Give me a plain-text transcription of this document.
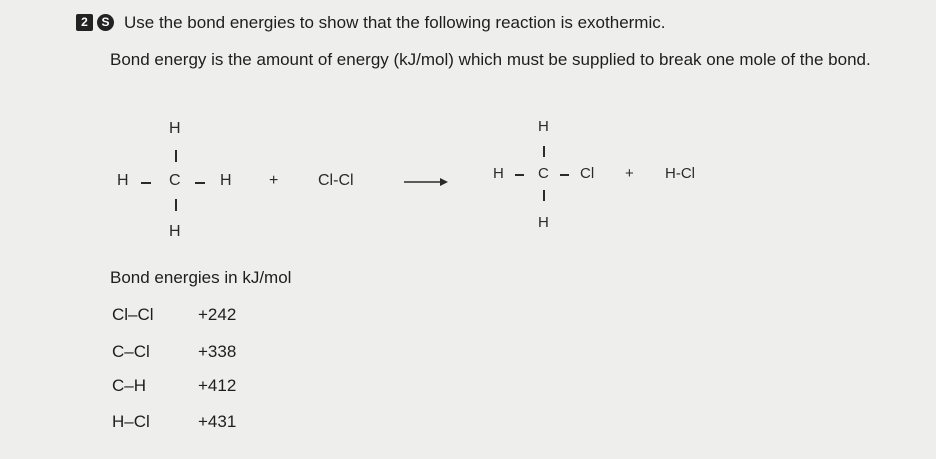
2	S Use the bond energies to show that the following reaction is exothermic.
Bond energy is the amount of energy (kJ/mol) which must be supplied to break one mole of the bond.
H
H	C H
H
+ Cl-Cl
H
H C Cl
H
+ H-Cl
Bond energies in kJ/mol
Cl–Cl	+242
C–Cl	+338
C–H	+412
H–Cl	+431
